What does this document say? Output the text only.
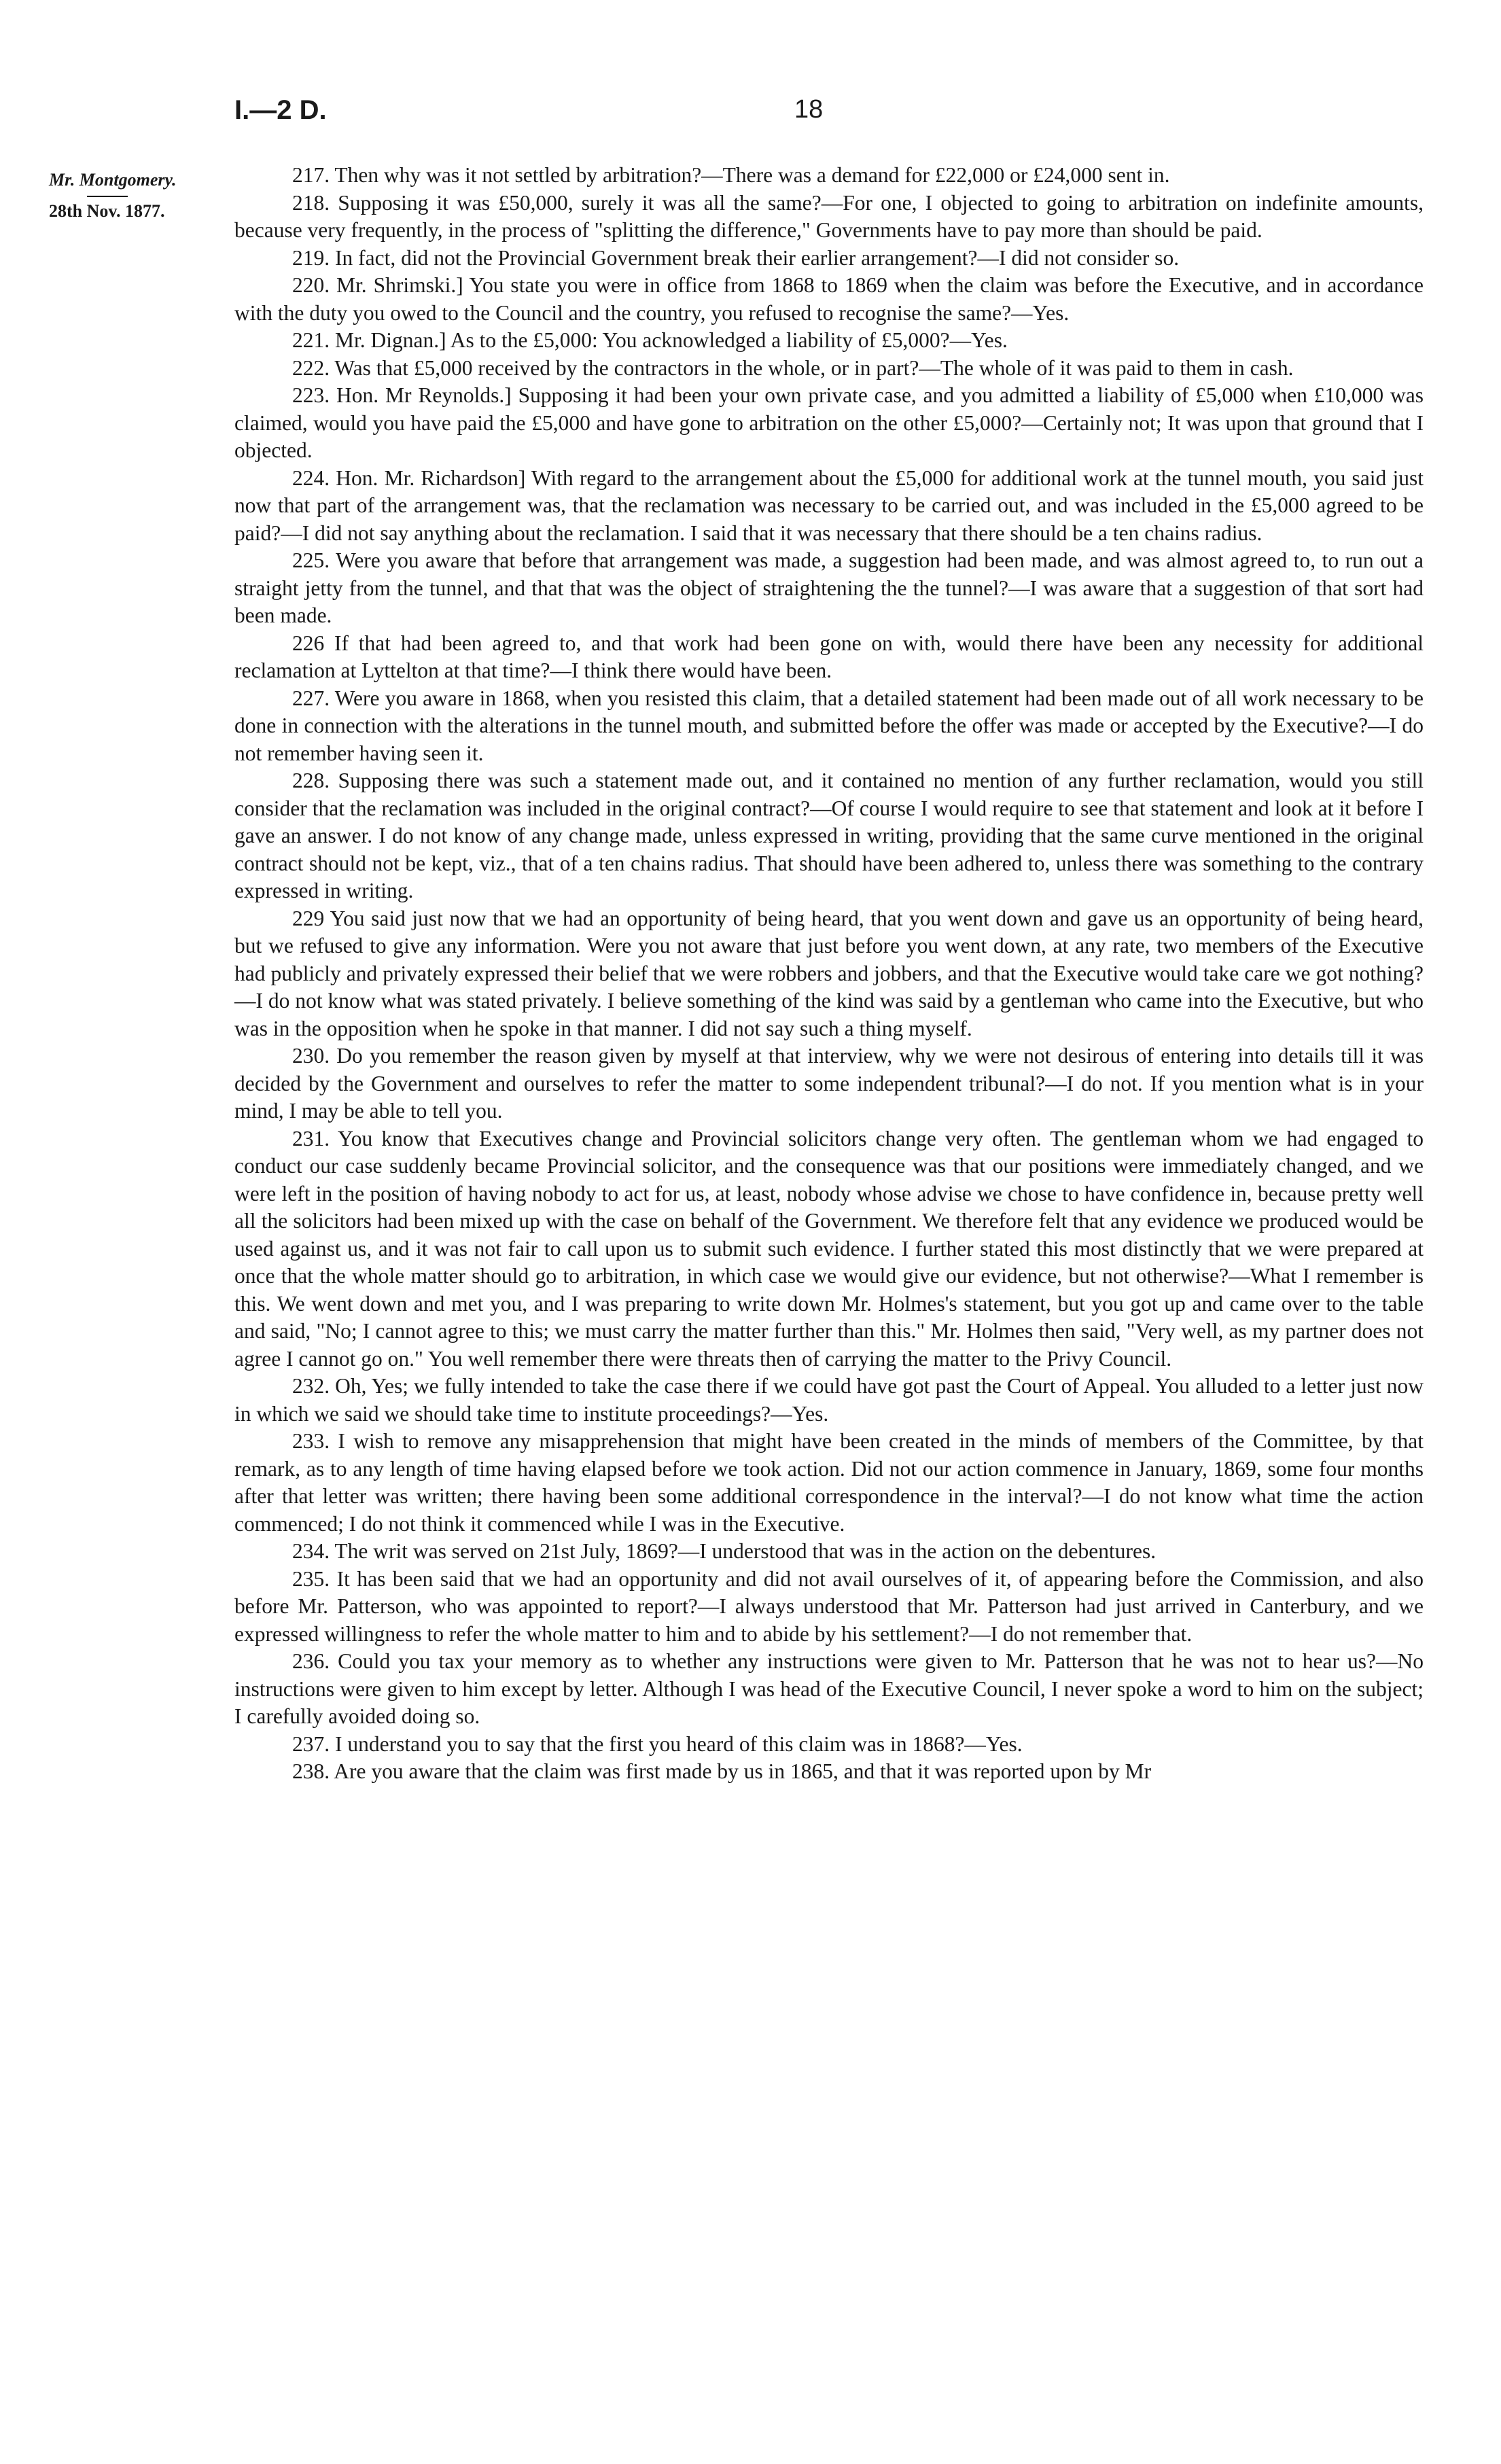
I.—2 D.	18
Mr. Montgomery.
28th Nov. 1877.

217. Then why was it not settled by arbitration?—There was a demand for £22,000 or £24,000 sent in.

218. Supposing it was £50,000, surely it was all the same?—For one, I objected to going to arbitration on indefinite amounts, because very frequently, in the process of "splitting the difference," Governments have to pay more than should be paid.

219. In fact, did not the Provincial Government break their earlier arrangement?—I did not consider so.

220. Mr. Shrimski.] You state you were in office from 1868 to 1869 when the claim was before the Executive, and in accordance with the duty you owed to the Council and the country, you refused to recognise the same?—Yes.

221. Mr. Dignan.] As to the £5,000: You acknowledged a liability of £5,000?—Yes.

222. Was that £5,000 received by the contractors in the whole, or in part?—The whole of it was paid to them in cash.

223. Hon. Mr Reynolds.] Supposing it had been your own private case, and you admitted a liability of £5,000 when £10,000 was claimed, would you have paid the £5,000 and have gone to arbitration on the other £5,000?—Certainly not; It was upon that ground that I objected.

224. Hon. Mr. Richardson] With regard to the arrangement about the £5,000 for additional work at the tunnel mouth, you said just now that part of the arrangement was, that the reclamation was necessary to be carried out, and was included in the £5,000 agreed to be paid?—I did not say anything about the reclamation. I said that it was necessary that there should be a ten chains radius.

225. Were you aware that before that arrangement was made, a suggestion had been made, and was almost agreed to, to run out a straight jetty from the tunnel, and that that was the object of straightening the the tunnel?—I was aware that a suggestion of that sort had been made.

226 If that had been agreed to, and that work had been gone on with, would there have been any necessity for additional reclamation at Lyttelton at that time?—I think there would have been.

227. Were you aware in 1868, when you resisted this claim, that a detailed statement had been made out of all work necessary to be done in connection with the alterations in the tunnel mouth, and submitted before the offer was made or accepted by the Executive?—I do not remember having seen it.

228. Supposing there was such a statement made out, and it contained no mention of any further reclamation, would you still consider that the reclamation was included in the original contract?—Of course I would require to see that statement and look at it before I gave an answer. I do not know of any change made, unless expressed in writing, providing that the same curve mentioned in the original contract should not be kept, viz., that of a ten chains radius. That should have been adhered to, unless there was something to the contrary expressed in writing.

229 You said just now that we had an opportunity of being heard, that you went down and gave us an opportunity of being heard, but we refused to give any information. Were you not aware that just before you went down, at any rate, two members of the Executive had publicly and privately expressed their belief that we were robbers and jobbers, and that the Executive would take care we got nothing?—I do not know what was stated privately. I believe something of the kind was said by a gentleman who came into the Executive, but who was in the opposition when he spoke in that manner. I did not say such a thing myself.

230. Do you remember the reason given by myself at that interview, why we were not desirous of entering into details till it was decided by the Government and ourselves to refer the matter to some independent tribunal?—I do not. If you mention what is in your mind, I may be able to tell you.

231. You know that Executives change and Provincial solicitors change very often. The gentleman whom we had engaged to conduct our case suddenly became Provincial solicitor, and the consequence was that our positions were immediately changed, and we were left in the position of having nobody to act for us, at least, nobody whose advise we chose to have confidence in, because pretty well all the solicitors had been mixed up with the case on behalf of the Government. We therefore felt that any evidence we produced would be used against us, and it was not fair to call upon us to submit such evidence. I further stated this most distinctly that we were prepared at once that the whole matter should go to arbitration, in which case we would give our evidence, but not otherwise?—What I remember is this. We went down and met you, and I was preparing to write down Mr. Holmes's statement, but you got up and came over to the table and said, "No; I cannot agree to this; we must carry the matter further than this." Mr. Holmes then said, "Very well, as my partner does not agree I cannot go on." You well remember there were threats then of carrying the matter to the Privy Council.

232. Oh, Yes; we fully intended to take the case there if we could have got past the Court of Appeal. You alluded to a letter just now in which we said we should take time to institute proceedings?—Yes.

233. I wish to remove any misapprehension that might have been created in the minds of members of the Committee, by that remark, as to any length of time having elapsed before we took action. Did not our action commence in January, 1869, some four months after that letter was written; there having been some additional correspondence in the interval?—I do not know what time the action commenced; I do not think it commenced while I was in the Executive.

234. The writ was served on 21st July, 1869?—I understood that was in the action on the debentures.

235. It has been said that we had an opportunity and did not avail ourselves of it, of appearing before the Commission, and also before Mr. Patterson, who was appointed to report?—I always understood that Mr. Patterson had just arrived in Canterbury, and we expressed willingness to refer the whole matter to him and to abide by his settlement?—I do not remember that.

236. Could you tax your memory as to whether any instructions were given to Mr. Patterson that he was not to hear us?—No instructions were given to him except by letter. Although I was head of the Executive Council, I never spoke a word to him on the subject; I carefully avoided doing so.

237. I understand you to say that the first you heard of this claim was in 1868?—Yes.

238. Are you aware that the claim was first made by us in 1865, and that it was reported upon by Mr
